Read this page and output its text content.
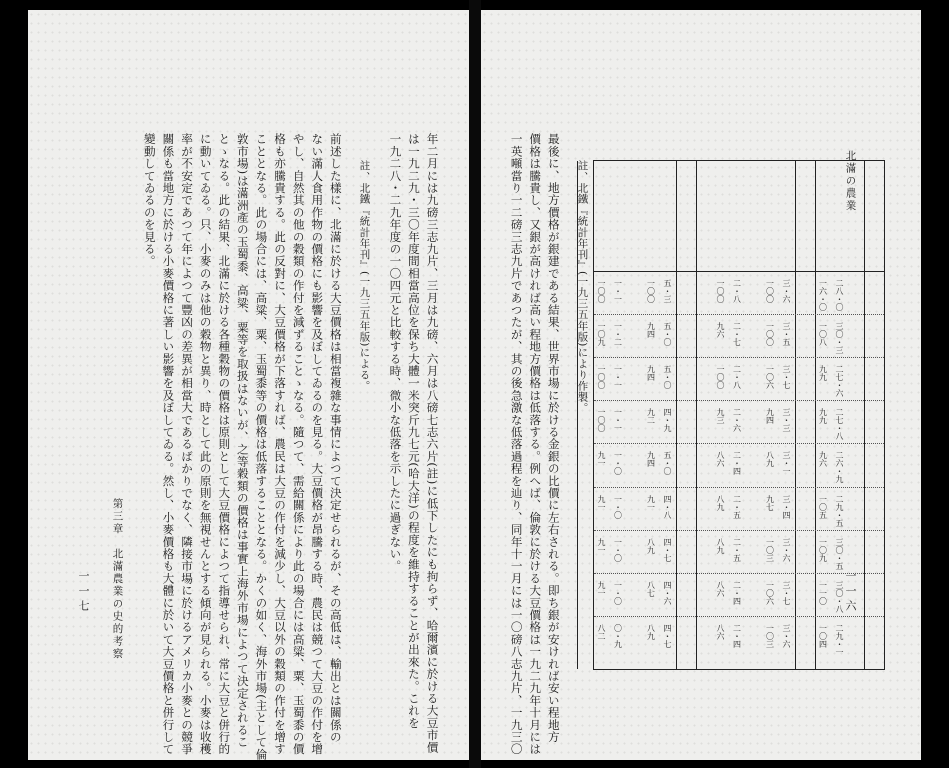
年二月には九磅三志九片、三月は九磅、六月は八磅七志六片(註)に低下したにも拘らず、哈爾濱に於ける大豆市價
は一九二九・三〇年度間相當高位を保ち大體一米突斤九七元(哈大洋)の程度を維持することが出來た。これを
一九二八・二九年度の一〇四元と比較する時、微小な低落を示したに過ぎない。
註、北鐵『統計年刊』(一九三五年版)による。
前述した樣に、北滿に於ける大豆價格は相當複雜な事情によつて決定せられるが、その高低は、輸出とは關係の
ない滿人食用作物の價格にも影響を及ぼしてゐるのを見る。大豆價格が昂騰する時、農民は競つて大豆の作付を增
やし、自然其の他の穀類の作付を減ずることゝなる。隨つて、需給關係により此の場合には高粱、粟、玉蜀黍の價
格も亦騰貴する。此の反對に、大豆價格が下落すれば、農民は大豆の作付を減少し、大豆以外の穀類の作付を增す
こととなる。此の場合には、高粱、粟、玉蜀黍等の價格は低落することとなる。かくの如く、海外市場(主として倫
敦市場)は滿洲產の玉蜀黍、高粱、粟等を取扱はないが、之等穀類の價格は事實上海外市場によつて決定されるこ
とゝなる。此の結果、北滿に於ける各種穀物の價格は原則として大豆價格によつて指導せられ、常に大豆と併行的
に動いてゐる。只、小麥のみは他の穀物と異り、時として此の原則を無視せんとする傾向が見られる。小麥は收穫
率が不安定であつて年によつて豐凶の差異が相當大であるばかりでなく、隣接市場に於けるアメリカ小麥との競爭
關係も當地方に於ける小麥價格に著しい影響を及ぼしてゐる。然し、小麥價格も大體に於いて大豆價格と併行して
變動してゐるのを見る。
第三章　北滿農業の史的考察
一一七
北滿の農業
一一六
二八・〇
一六・〇
三・六
一〇〇
二・八
一〇〇
五・三
一〇〇
一・一
一〇〇
三〇・三
一〇八
三・五
一〇〇
二・七
九六
五・〇
九四
一・二
一〇九
二七・六
九九
三・七
一〇六
二・八
一〇〇
五・〇
九四
一・一
一〇〇
二七・八
九九
三・三
九四
二・六
九三
四・九
九二
一・一
一〇〇
二六・九
九六
三・一
八九
二・四
八六
五・〇
九四
一・〇
九一
二九・五
一〇五
三・四
九七
二・五
八九
四・八
九一
一・〇
九一
三〇・五
一〇九
三・六
一〇三
二・五
八九
四・七
八九
一・〇
九一
三〇・八
一一〇
三・七
一〇六
二・四
八六
四・六
八七
一・〇
九一
二九・一
一〇四
三・六
一〇三
二・四
八六
四・七
八九
〇・九
八二
註、北鐵『統計年刊』(一九三五年版)により作製。
最後に、地方價格が銀建である結果、世界市場に於ける金銀の比價に左右される。即ち銀が安ければ安い程地方
價格は騰貴し、又銀が高ければ高い程地方價格は低落する。例へば、倫敦に於ける大豆價格は一九二九年十月には
一英噸當り一二磅三志九片であつたが、其の後急激な低落過程を辿り、同年十一月には一〇磅八志九片、一九三〇
